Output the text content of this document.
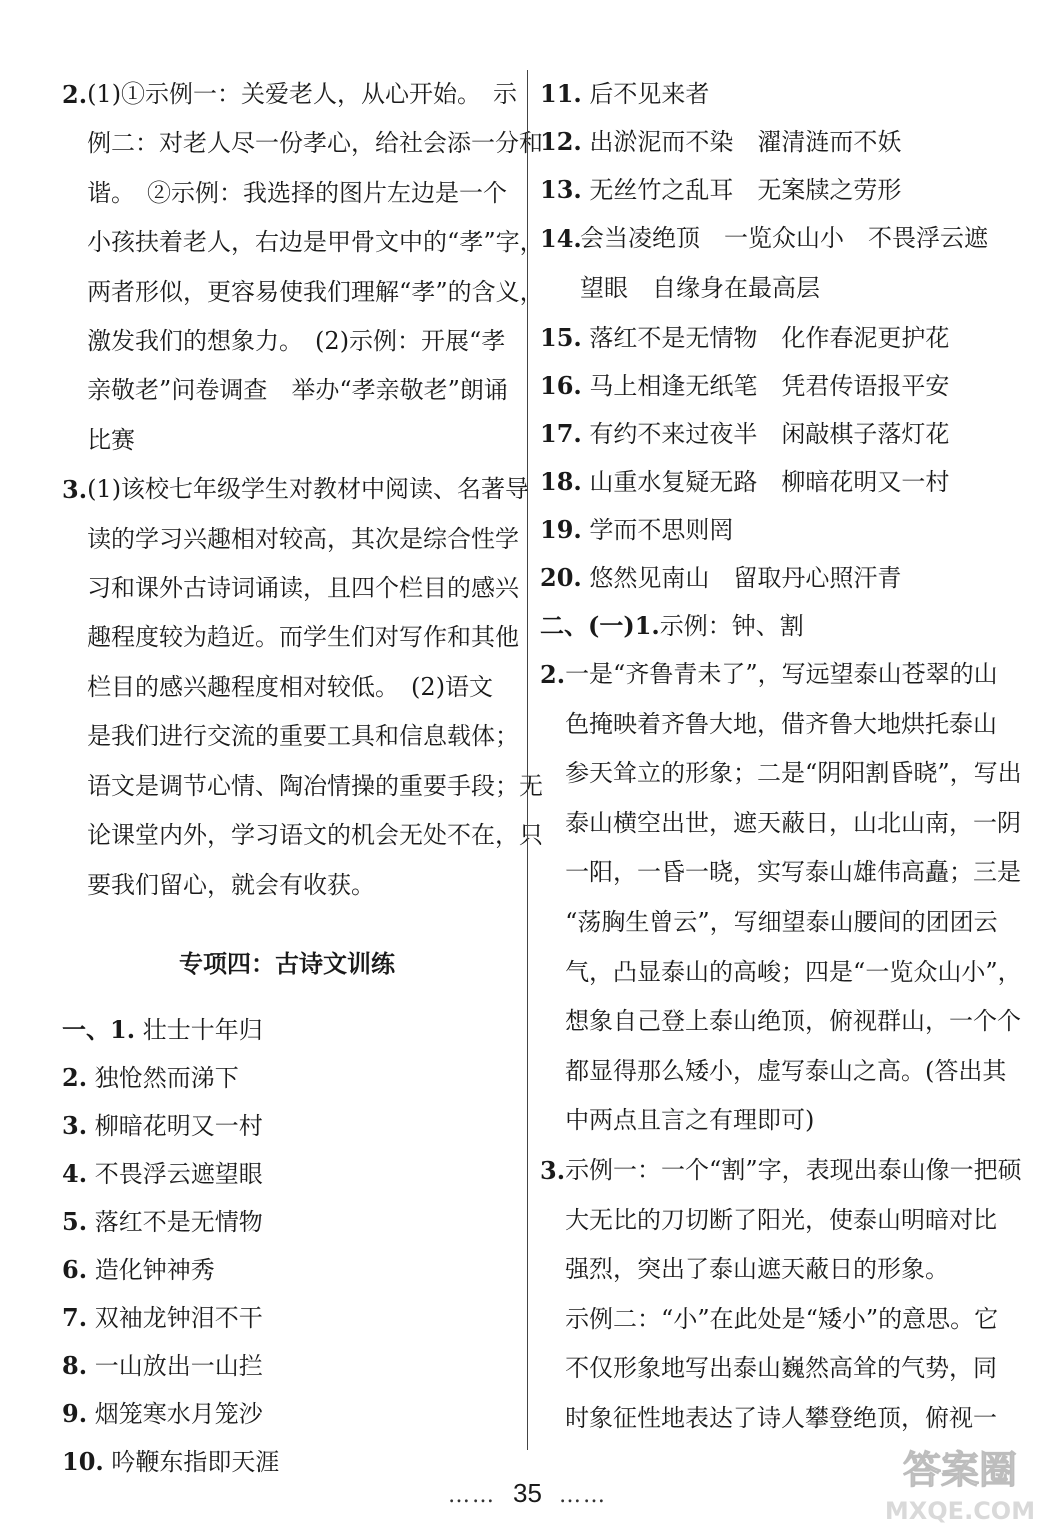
2. (1)①示例一：关爱老人，从心开始。　示
例二：对老人尽一份孝心，给社会添一分和
谐。　②示例：我选择的图片左边是一个
小孩扶着老人，右边是甲骨文中的“孝”字，
两者形似，更容易使我们理解“孝”的含义，
激发我们的想象力。　(2)示例：开展“孝
亲敬老”问卷调查　举办“孝亲敬老”朗诵
比赛
3. (1)该校七年级学生对教材中阅读、名著导
读的学习兴趣相对较高，其次是综合性学
习和课外古诗词诵读，且四个栏目的感兴
趣程度较为趋近。而学生们对写作和其他
栏目的感兴趣程度相对较低。　(2)语文
是我们进行交流的重要工具和信息载体；
语文是调节心情、陶冶情操的重要手段；无
论课堂内外，学习语文的机会无处不在，只
要我们留心，就会有收获。
专项四：古诗文训练

一、1. 壮士十年归

2. 独怆然而涕下

3. 柳暗花明又一村

4. 不畏浮云遮望眼

5. 落红不是无情物

6. 造化钟神秀

7. 双袖龙钟泪不干

8. 一山放出一山拦

9. 烟笼寒水月笼沙

10. 吟鞭东指即天涯

11. 后不见来者

12. 出淤泥而不染　濯清涟而不妖

13. 无丝竹之乱耳　无案牍之劳形

14.
会当凌绝顶　一览众山小　不畏浮云遮
望眼　自缘身在最高层

15. 落红不是无情物　化作春泥更护花

16. 马上相逢无纸笔　凭君传语报平安

17. 有约不来过夜半　闲敲棋子落灯花

18. 山重水复疑无路　柳暗花明又一村

19. 学而不思则罔

20. 悠然见南山　留取丹心照汗青

二、(一)1.示例：钟、割

2. 一是“齐鲁青未了”，写远望泰山苍翠的山
色掩映着齐鲁大地，借齐鲁大地烘托泰山
参天耸立的形象；二是“阴阳割昏晓”，写出
泰山横空出世，遮天蔽日，山北山南，一阴
一阳，一昏一晓，实写泰山雄伟高矗；三是
“荡胸生曾云”，写细望泰山腰间的团团云
气，凸显泰山的高峻；四是“一览众山小”，
想象自己登上泰山绝顶，俯视群山，一个个
都显得那么矮小，虚写泰山之高。(答出其
中两点且言之有理即可)
3. 示例一：一个“割”字，表现出泰山像一把硕
大无比的刀切断了阳光，使泰山明暗对比
强烈，突出了泰山遮天蔽日的形象。
示例二：“小”在此处是“矮小”的意思。它
不仅形象地写出泰山巍然高耸的气势，同
时象征性地表达了诗人攀登绝顶，俯视一
…… 35 ……
答案圈
MXQE.COM
